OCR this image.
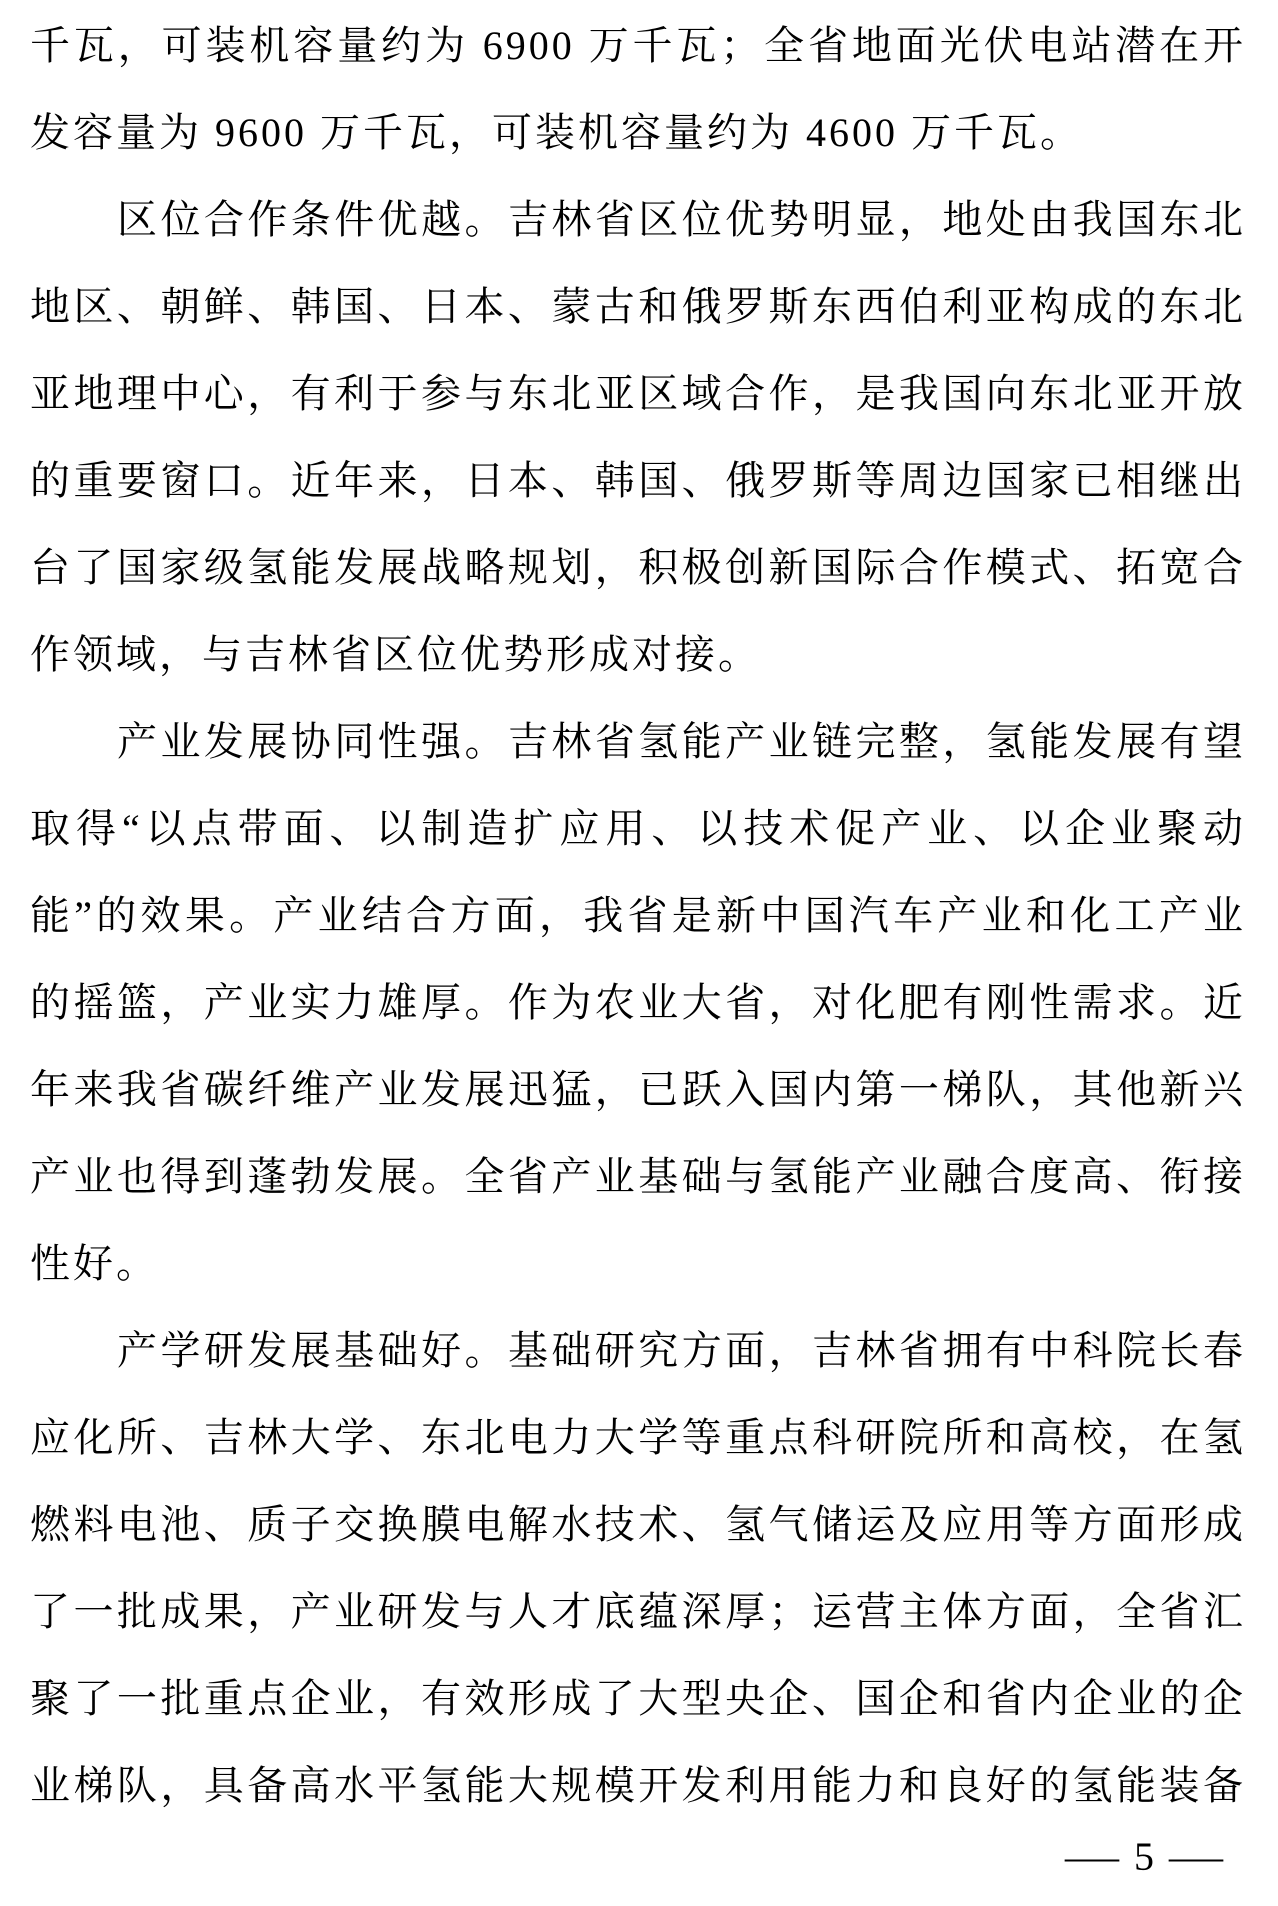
千瓦，可装机容量约为 6900 万千瓦；全省地面光伏电站潜在开
发容量为 9600 万千瓦，可装机容量约为 4600 万千瓦。
区位合作条件优越。吉林省区位优势明显，地处由我国东北
地区、朝鲜、韩国、日本、蒙古和俄罗斯东西伯利亚构成的东北
亚地理中心，有利于参与东北亚区域合作，是我国向东北亚开放
的重要窗口。近年来，日本、韩国、俄罗斯等周边国家已相继出
台了国家级氢能发展战略规划，积极创新国际合作模式、拓宽合
作领域，与吉林省区位优势形成对接。
产业发展协同性强。吉林省氢能产业链完整，氢能发展有望
取得“以点带面、以制造扩应用、以技术促产业、以企业聚动
能”的效果。产业结合方面，我省是新中国汽车产业和化工产业
的摇篮，产业实力雄厚。作为农业大省，对化肥有刚性需求。近
年来我省碳纤维产业发展迅猛，已跃入国内第一梯队，其他新兴
产业也得到蓬勃发展。全省产业基础与氢能产业融合度高、衔接
性好。
产学研发展基础好。基础研究方面，吉林省拥有中科院长春
应化所、吉林大学、东北电力大学等重点科研院所和高校，在氢
燃料电池、质子交换膜电解水技术、氢气储运及应用等方面形成
了一批成果，产业研发与人才底蕴深厚；运营主体方面，全省汇
聚了一批重点企业，有效形成了大型央企、国企和省内企业的企
业梯队，具备高水平氢能大规模开发利用能力和良好的氢能装备
— 5 —
